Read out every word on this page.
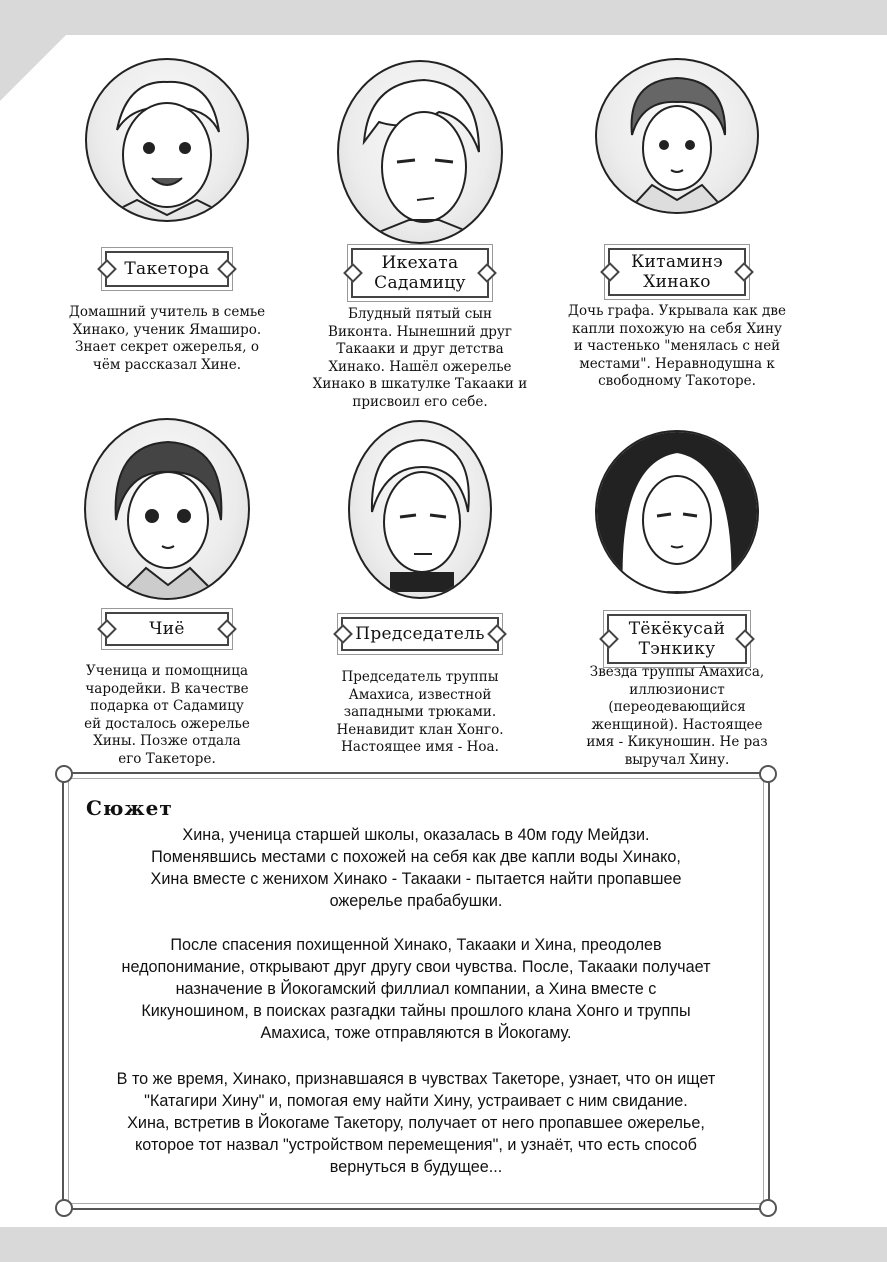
Такетора
Домашний учитель в семье
Хинако, ученик Ямаширо.
Знает секрет ожерелья, о
чём рассказал Хине.
Икехата
Садамицу
Блудный пятый сын
Виконта. Нынешний друг
Такааки и друг детства
Хинако. Нашёл ожерелье
Хинако в шкатулке Такааки и
присвоил его себе.
Китаминэ
Хинако
Дочь графа. Укрывала как две
капли похожую на себя Хину
и частенько "менялась с ней
местами". Неравнодушна к
свободному Такоторе.
Чиё
Ученица и помощница
чародейки. В качестве
подарка от Садамицу
ей досталось ожерелье
Хины. Позже отдала
его Такеторе.
Председатель
Председатель труппы
Амахиса, известной
западными трюками.
Ненавидит клан Хонго.
Настоящее имя - Ноа.
Тёкёкусай
Тэнкику
Звезда труппы Амахиса,
иллюзионист
(переодевающийся
женщиной). Настоящее
имя - Кикуношин. Не раз
выручал Хину.
Сюжет
Хина, ученица старшей школы, оказалась в 40м году Мейдзи.
Поменявшись местами с похожей на себя как две капли воды Хинако,
Хина вместе с женихом Хинако - Такааки - пытается найти пропавшее
ожерелье прабабушки.
После спасения похищенной Хинако, Такааки и Хина, преодолев
недопонимание, открывают друг другу свои чувства. После, Такааки получает
назначение в Йокогамский филлиал компании, а Хина вместе с
Кикуношином, в поисках разгадки тайны прошлого клана Хонго и труппы
Амахиса, тоже отправляются в Йокогаму.
В то же время, Хинако, признавшаяся в чувствах Такеторе, узнает, что он ищет
"Катагири Хину" и, помогая ему найти Хину, устраивает с ним свидание.
Хина, встретив в Йокогаме Такетору, получает от него пропавшее ожерелье,
которое тот назвал "устройством перемещения", и узнаёт, что есть способ
вернуться в будущее...
